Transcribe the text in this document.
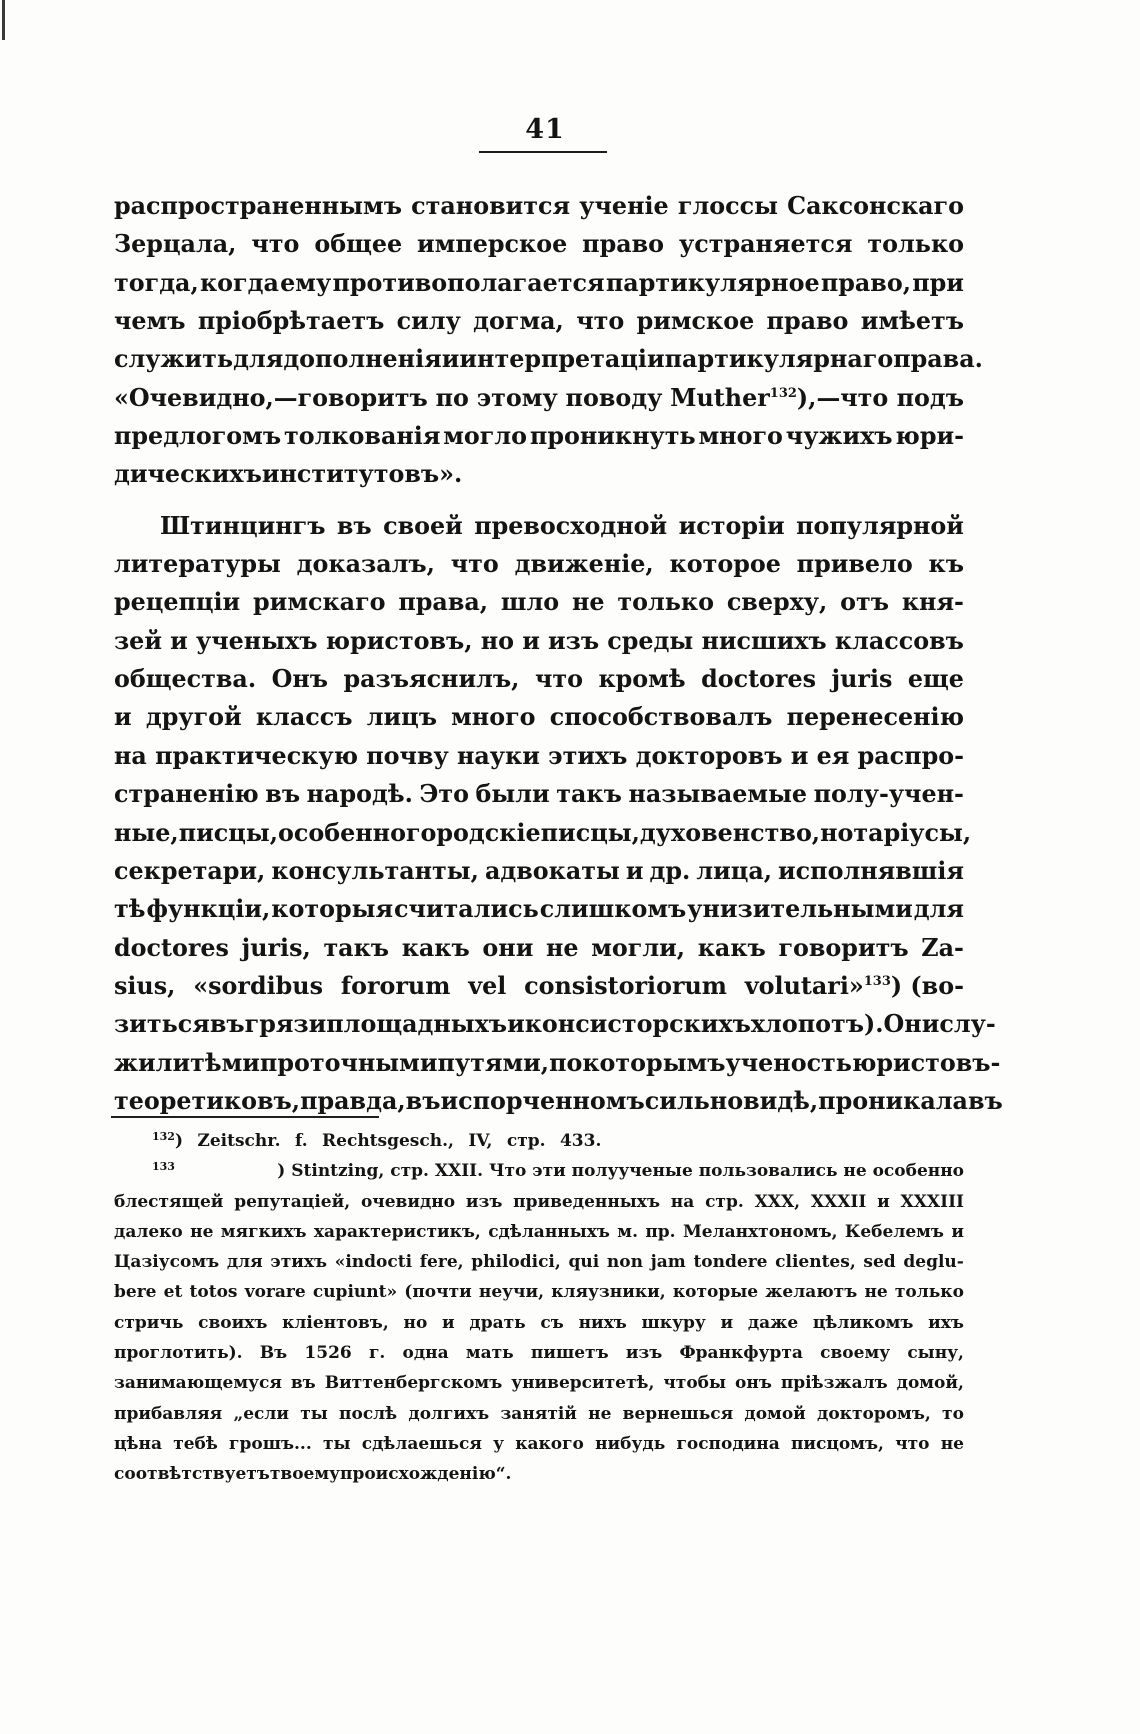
41
распространеннымъ становится ученіе глоссы Саксонскаго
Зерцала, что общее имперское право устраняется только
тогда, когда ему противополагается партикулярное право, при
чемъ пріобрѣтаетъ силу догма, что римское право имѣетъ
служить для дополненія и интерпретаціи партикулярнаго права.
«Очевидно,—говоритъ по этому поводу Muther$^{132}$),—что подъ
предлогомъ толкованія могло проникнуть много чужихъ юри-
дическихъ институтовъ».
Штинцингъ въ своей превосходной исторіи популярной
литературы доказалъ, что движеніе, которое привело къ
рецепціи римскаго права, шло не только сверху, отъ кня-
зей и ученыхъ юристовъ, но и изъ среды нисшихъ классовъ
общества. Онъ разъяснилъ, что кромѣ doctores juris еще
и другой классъ лицъ много способствовалъ перенесенію
на практическую почву науки этихъ докторовъ и ея распро-
страненію въ народѣ. Это были такъ называемые полу-учен-
ные, писцы, особенно городскіе писцы, духовенство, нотаріусы,
секретари, консультанты, адвокаты и др. лица, исполнявшія
тѣ функціи, которыя считались слишкомъ унизительными для
doctores juris, такъ какъ они не могли, какъ говоритъ Za-
sius, «sordibus fororum vel consistoriorum volutari»$^{133}$) (во-
зиться въ грязи площадныхъ и консисторскихъ хлопотъ). Они слу-
жили тѣми проточными путями, по которымъ ученость юристовъ-
теоретиковъ, правда, въ испорченномъ сильно видѣ, проникала въ
$^{132}$ ) Zeitschr. f. Rechtsgesch., IV, стр. 433.
$^{133}$	) Stintzing, стр. XXII. Что эти полуученые пользовались не особенно
блестящей репутаціей, очевидно изъ приведенныхъ на стр. XXX, XXXII и XXXIII
далеко не мягкихъ характеристикъ, сдѣланныхъ м. пр. Меланхтономъ, Кебелемъ и
Цазіусомъ для этихъ «indocti fere, philodici, qui non jam tondere clientes, sed deglu-
bere et totos vorare cupiunt» (почти неучи, кляузники, которые желаютъ не только
стричь своихъ кліентовъ, но и драть съ нихъ шкуру и даже цѣликомъ ихъ
проглотить). Въ 1526 г. одна мать пишетъ изъ Франкфурта своему сыну,
занимающемуся въ Виттенбергскомъ университетѣ, чтобы онъ пріѣзжалъ домой,
прибавляя „если ты послѣ долгихъ занятій не вернешься домой докторомъ, то
цѣна тебѣ грошъ... ты сдѣлаешься у какого нибудь господина писцомъ, что не
соотвѣтствуетъ твоему происхожденію“.
